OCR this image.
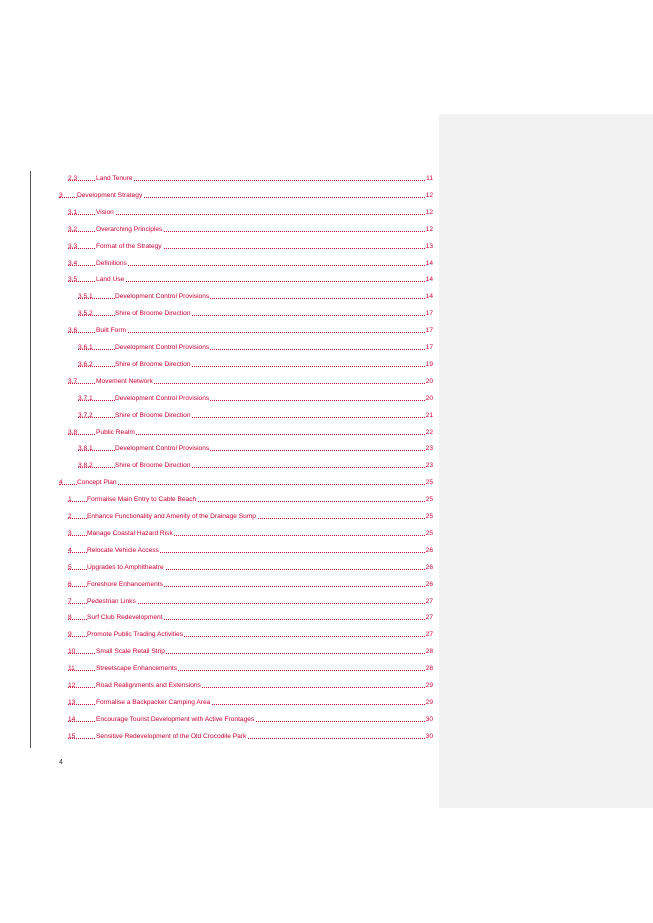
2.3	Land Tenure	11
3 Development Strategy	12
3.1	Vision	12
3.2	Overarching Principles	12
3.3	Format of the Strategy	13
3.4	Definitions	14
3.5	Land Use	14
3.5.1	Development Control Provisions	14
3.5.2	Shire of Broome Direction	17
3.6	Built Form	17
3.6.1	Development Control Provisions	17
3.6.2	Shire of Broome Direction	19
3.7	Movement Network	20
3.7.1	Development Control Provisions	20
3.7.2	Shire of Broome Direction	21
3.8	Public Realm	22
3.8.1	Development Control Provisions	23
3.8.2	Shire of Broome Direction	23
4 Concept Plan	25
1 Formalise Main Entry to Cable Beach	25
2 Enhance Functionality and Amenity of the Drainage Sump	25
3 Manage Coastal Hazard Risk	25
4 Relocate Vehicle Access	26
5 Upgrades to Amphitheatre	26
6 Foreshore Enhancements	26
7 Pedestrian Links	27
8 Surf Club Redevelopment	27
9 Promote Public Trading Activities	27
10	Small Scale Retail Strip	28
11	Streetscape Enhancements	28
12	Road Realignments and Extensions	29
13	Formalise a Backpacker Camping Area	29
14	Encourage Tourist Development with Active Frontages	30
15	Sensitive Redevelopment of the Old Crocodile Park	30
4
